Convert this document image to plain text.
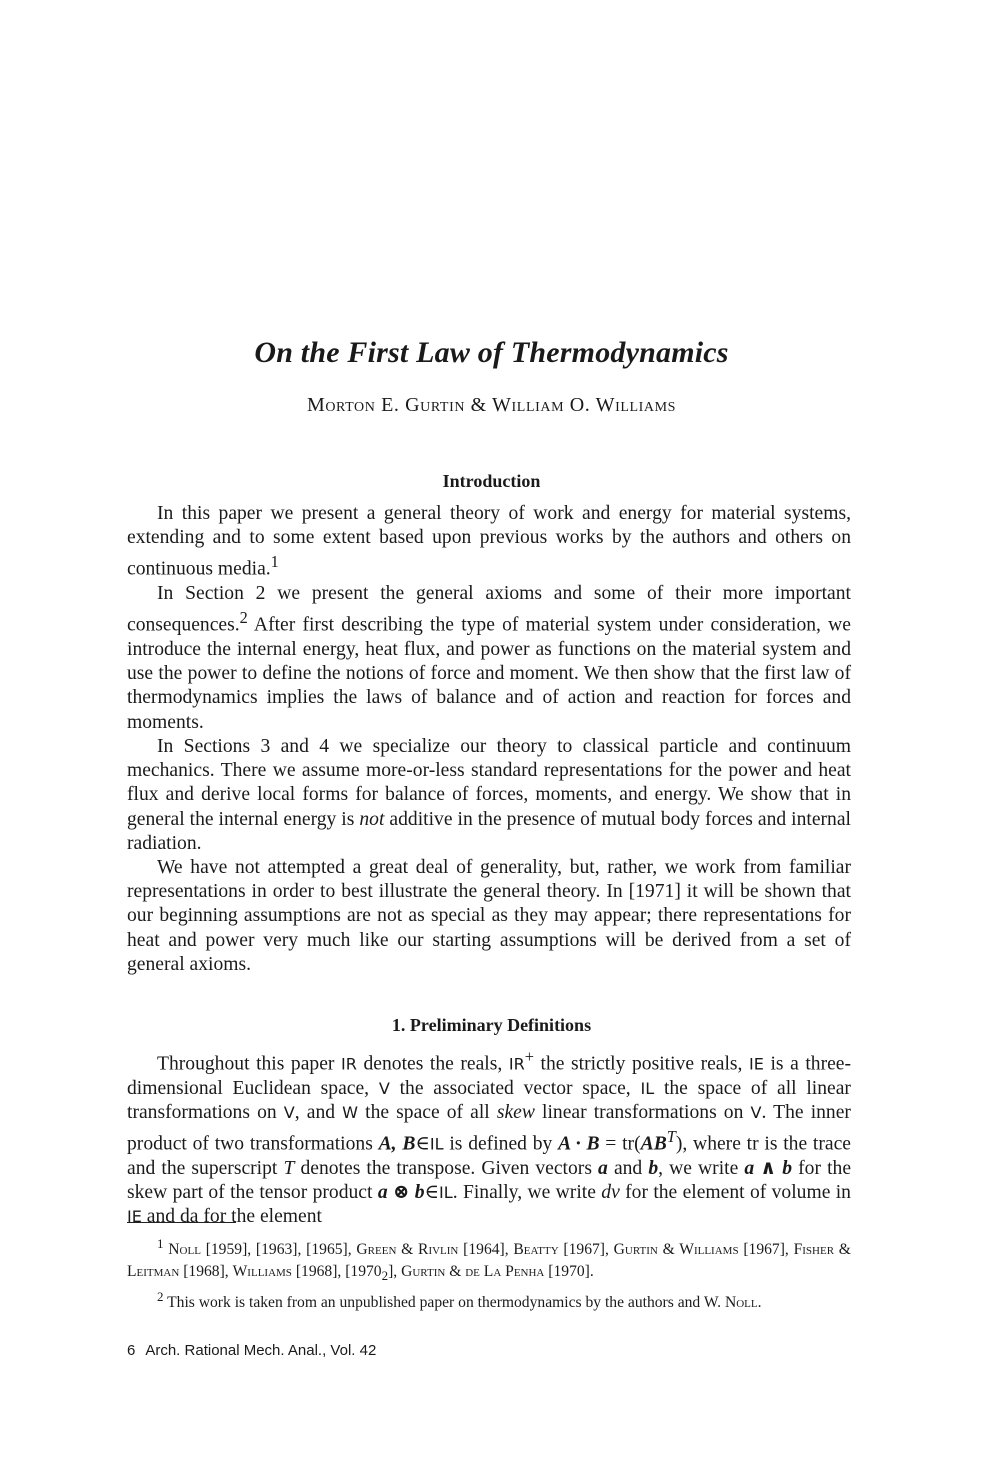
On the First Law of Thermodynamics
Morton E. Gurtin & William O. Williams
Introduction

In this paper we present a general theory of work and energy for material systems, extending and to some extent based upon previous works by the authors and others on continuous media.$^1$

In Section 2 we present the general axioms and some of their more important consequences.$^2$ After first describing the type of material system under consideration, we introduce the internal energy, heat flux, and power as functions on the material system and use the power to define the notions of force and moment. We then show that the first law of thermodynamics implies the laws of balance and of action and reaction for forces and moments.

In Sections 3 and 4 we specialize our theory to classical particle and continuum mechanics. There we assume more-or-less standard representations for the power and heat flux and derive local forms for balance of forces, moments, and energy. We show that in general the internal energy is not additive in the presence of mutual body forces and internal radiation.

We have not attempted a great deal of generality, but, rather, we work from familiar representations in order to best illustrate the general theory. In [1971] it will be shown that our beginning assumptions are not as special as they may appear; there representations for heat and power very much like our starting assumptions will be derived from a set of general axioms.

1. Preliminary Definitions

Throughout this paper IR denotes the reals, IR+ the strictly positive reals, IE is a three-dimensional Euclidean space, V the associated vector space, IL the space of all linear transformations on V, and W the space of all skew linear transformations on V. The inner product of two transformations A, B∈IL is defined by $A \cdot B = tr(AB^T)$, where tr is the trace and the superscript T denotes the transpose. Given vectors a and b, we write a ∧ b for the skew part of the tensor product a ⊗ b∈IL. Finally, we write dv for the element of volume in IE and da for the element

$^1$ Noll [1959], [1963], [1965], Green & Rivlin [1964], Beatty [1967], Gurtin & Williams [1967], Fisher & Leitman [1968], Williams [1968], $[1970_2]$, Gurtin & de La Penha [1970].

$^2$ This work is taken from an unpublished paper on thermodynamics by the authors and W. Noll.

6 Arch. Rational Mech. Anal., Vol. 42
